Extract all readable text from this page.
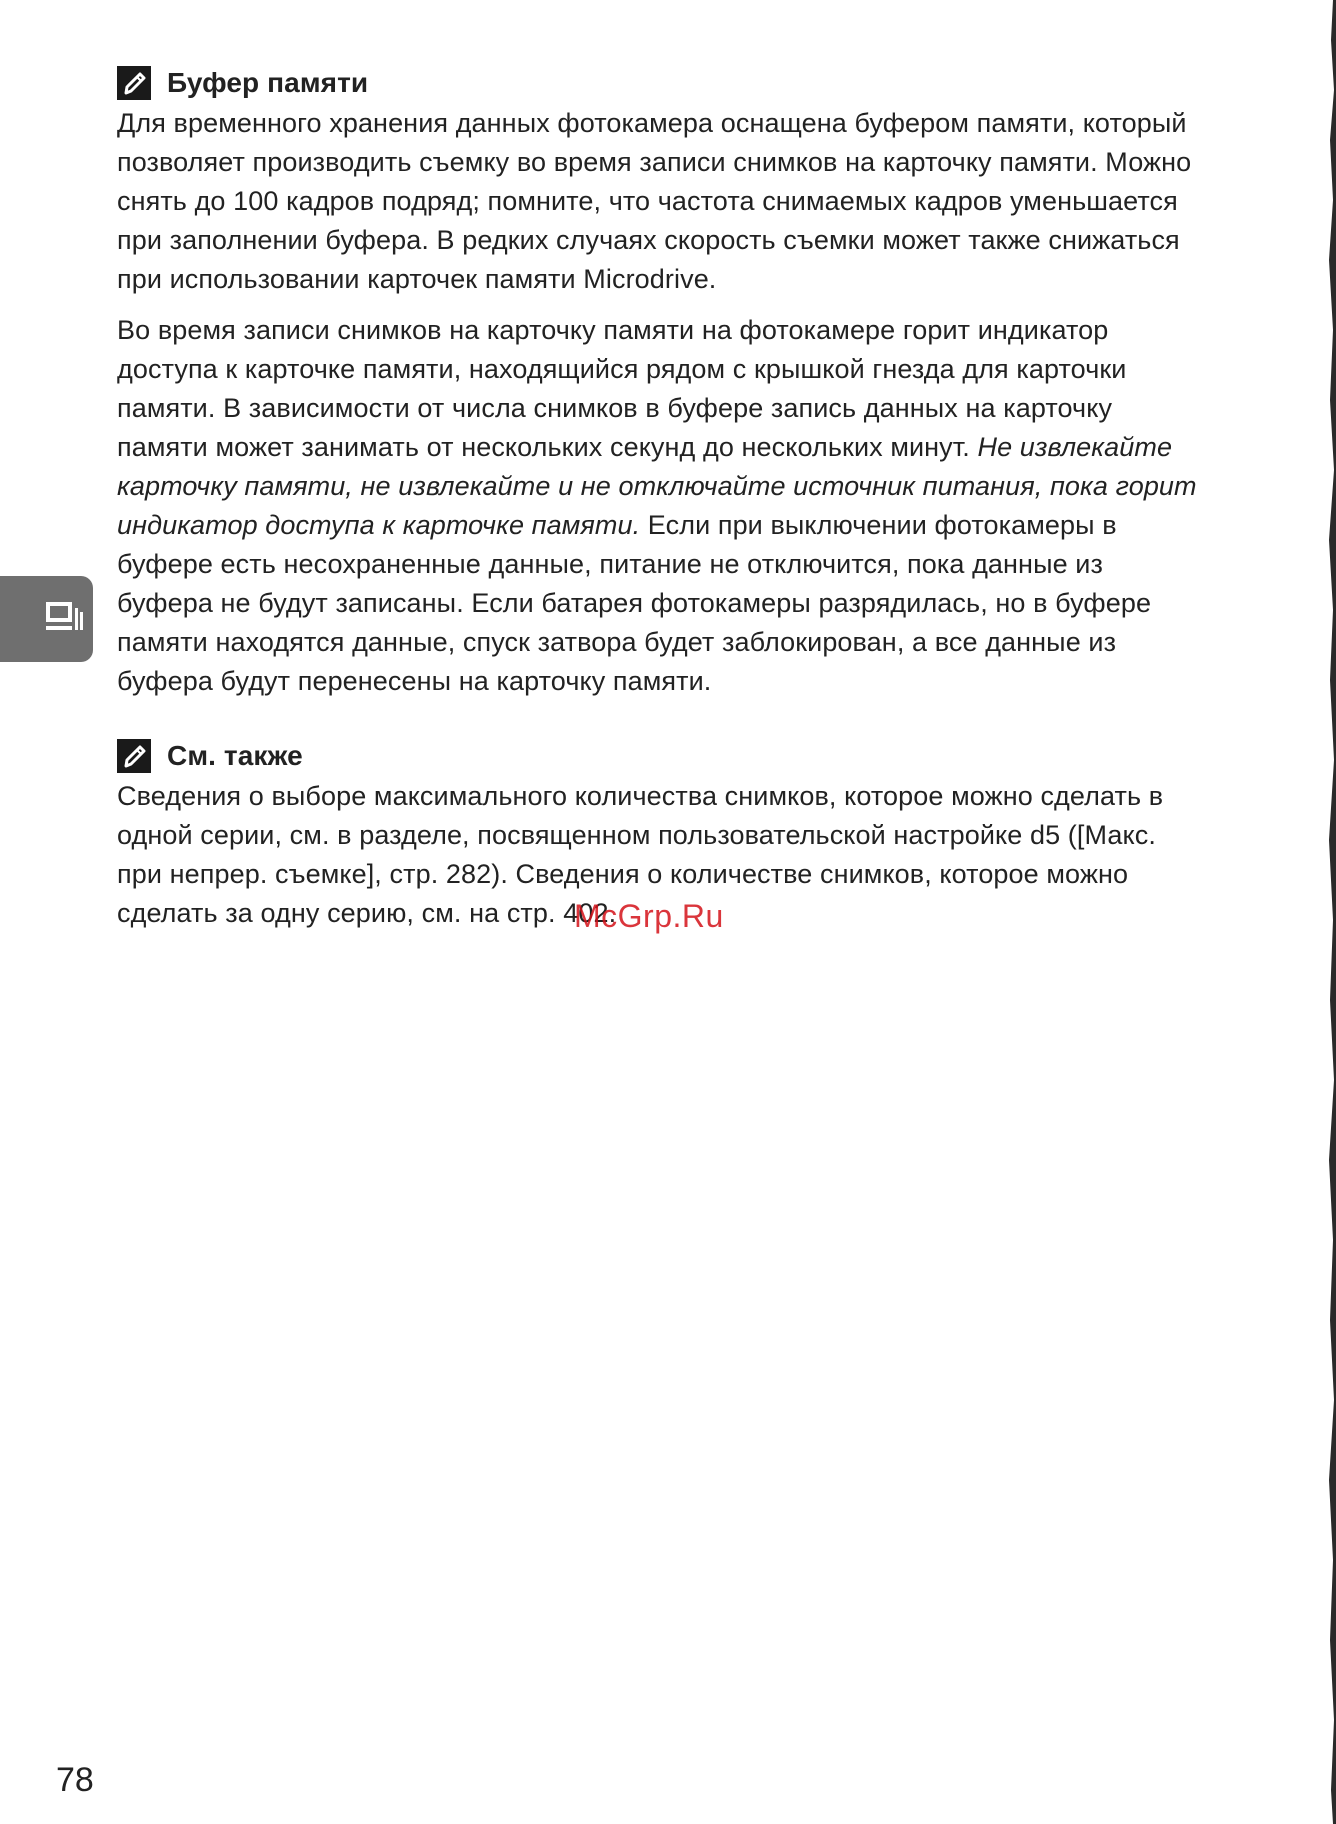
Буфер памяти

Для временного хранения данных фотокамера оснащена буфером памяти, который позволяет производить съемку во время записи снимков на карточку памяти. Можно снять до 100 кадров подряд; помните, что частота снимаемых кадров уменьшается при заполнении буфера. В редких случаях скорость съемки может также снижаться при использовании карточек памяти Microdrive.

Во время записи снимков на карточку памяти на фотокамере горит индикатор доступа к карточке памяти, находящийся рядом с крышкой гнезда для карточки памяти. В зависимости от числа снимков в буфере запись данных на карточку памяти может занимать от нескольких секунд до нескольких минут. Не извлекайте карточку памяти, не извлекайте и не отключайте источник питания, пока горит индикатор доступа к карточке памяти. Если при выключении фотокамеры в буфере есть несохраненные данные, питание не отключится, пока данные из буфера не будут записаны. Если батарея фотокамеры разрядилась, но в буфере памяти находятся данные, спуск затвора будет заблокирован, а все данные из буфера будут перенесены на карточку памяти.

См. также

Сведения о выборе максимального количества снимков, которое можно сделать в одной серии, см. в разделе, посвященном пользовательской настройке d5 ([Макс. при непрер. съемке], стр. 282). Сведения о количестве снимков, которое можно сделать за одну серию, см. на стр. 402.

McGrp.Ru
78
